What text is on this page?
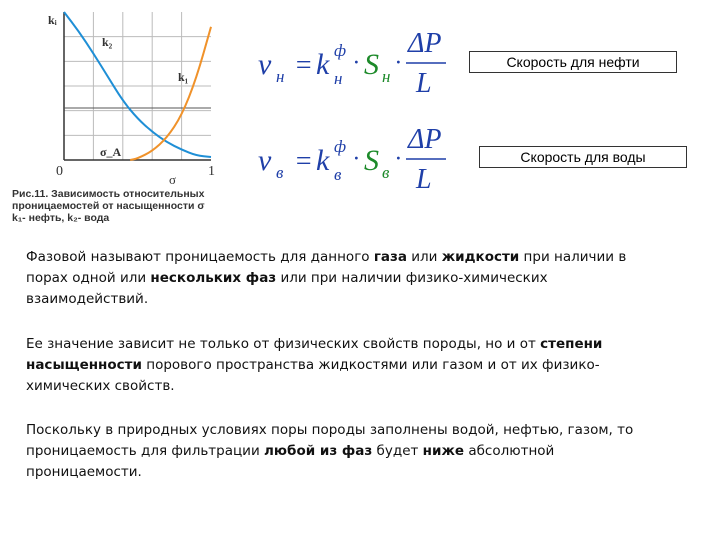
kᵢ
k₂
k₁
σ_A
0
σ
1
Рис.11. Зависимость относительных
проницаемостей от насыщенности σ
k₁- нефть, k₂- вода
v н = k ф
н
· S н
·
ΔP
L
v в = k ф
в
· S в
·
ΔP
L
Скорость для нефти
Скорость для воды
Фазовой называют проницаемость для данного газа или жидкости при наличии в
порах одной или нескольких фаз или при наличии физико-химических
взаимодействий.
Ее значение зависит не только от физических свойств породы, но и от степени
насыщенности порового пространства жидкостями или газом и от их физико-
химических свойств.
Поскольку в природных условиях поры породы заполнены водой, нефтью, газом, то
проницаемость для фильтрации любой из фаз будет ниже абсолютной
проницаемости.
